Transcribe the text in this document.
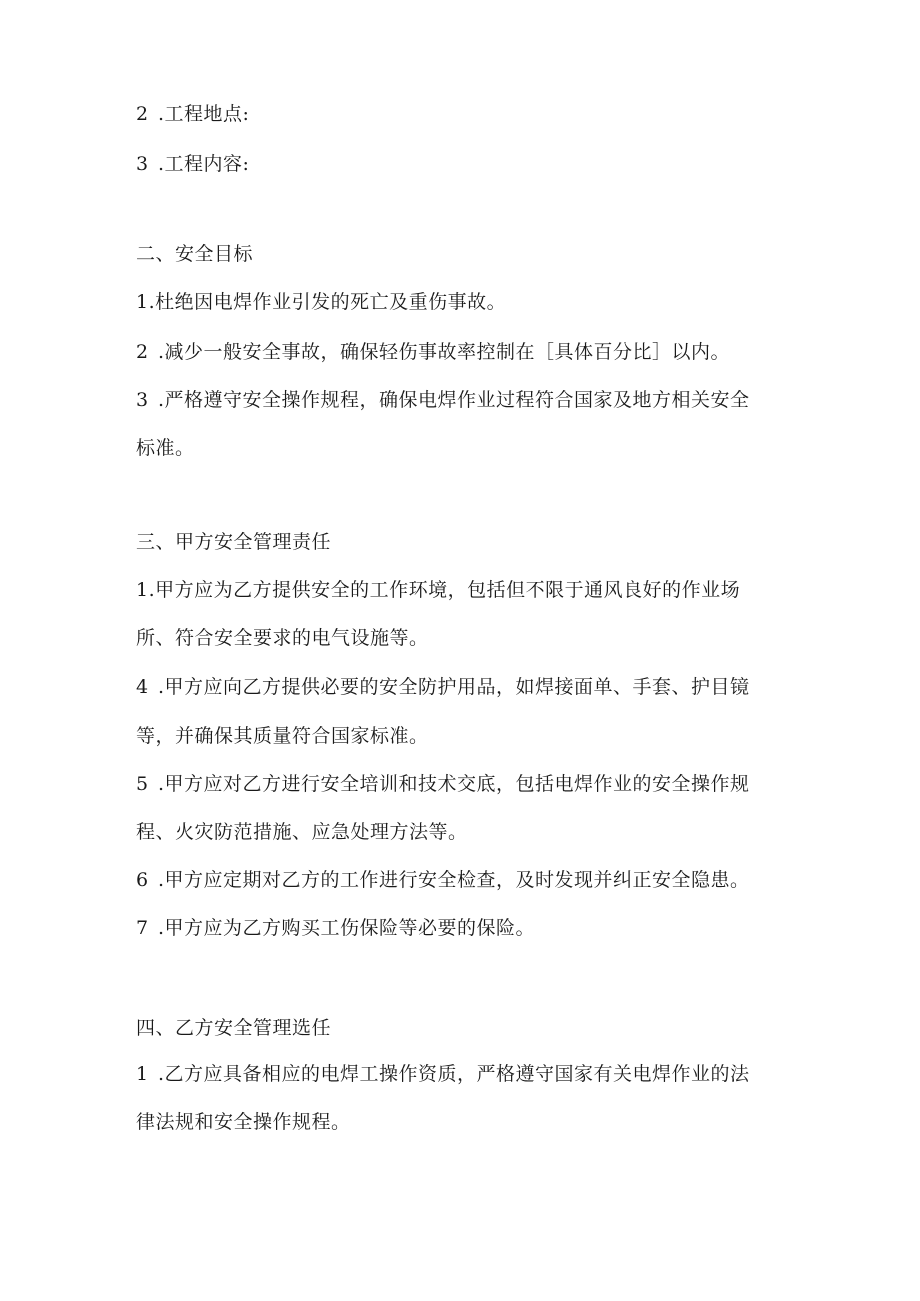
2 .工程地点:
3 .工程内容:
二、安全目标
1.杜绝因电焊作业引发的死亡及重伤事故。
2 .减少一般安全事故，确保轻伤事故率控制在［具体百分比］以内。
3 .严格遵守安全操作规程，确保电焊作业过程符合国家及地方相关安全
标准。
三、甲方安全管理责任
1.甲方应为乙方提供安全的工作环境，包括但不限于通风良好的作业场
所、符合安全要求的电气设施等。
4 .甲方应向乙方提供必要的安全防护用品，如焊接面单、手套、护目镜
等，并确保其质量符合国家标准。
5 .甲方应对乙方进行安全培训和技术交底，包括电焊作业的安全操作规
程、火灾防范措施、应急处理方法等。
6 .甲方应定期对乙方的工作进行安全检查，及时发现并纠正安全隐患。
7 .甲方应为乙方购买工伤保险等必要的保险。
四、乙方安全管理选任
1 .乙方应具备相应的电焊工操作资质，严格遵守国家有关电焊作业的法
律法规和安全操作规程。
